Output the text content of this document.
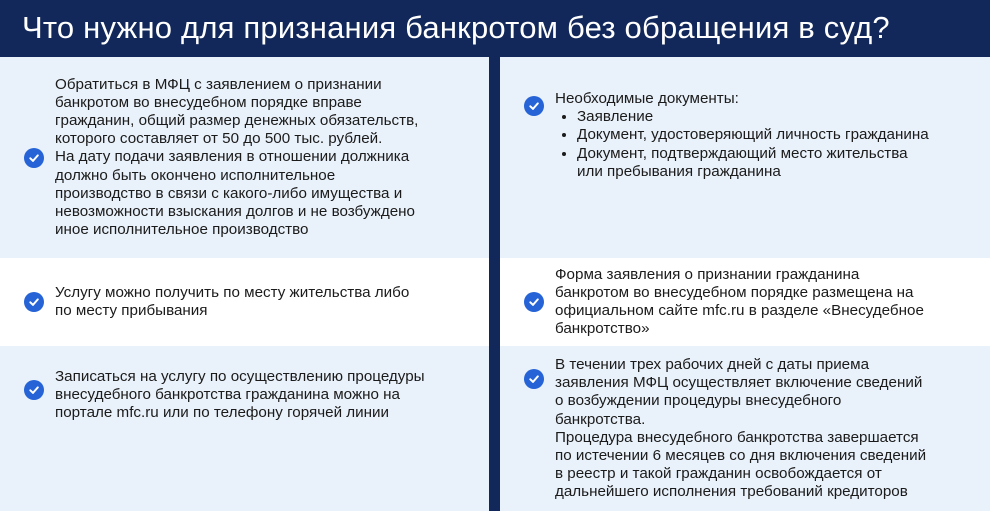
Что нужно для признания банкротом без обращения в суд?
Обратиться в МФЦ с заявлением о признании
банкротом во внесудебном порядке вправе
гражданин, общий размер денежных обязательств,
которого составляет от 50 до 500 тыс. рублей.
На дату подачи заявления в отношении должника
должно быть окончено исполнительное
производство в связи с какого-либо имущества и
невозможности взыскания долгов и не возбуждено
иное исполнительное производство
Услугу можно получить по месту жительства либо
по месту прибывания
Записаться на услугу по осуществлению процедуры
внесудебного банкротства гражданина можно на
портале mfc.ru или по телефону горячей линии
Необходимые документы:
• Заявление
• Документ, удостоверяющий личность гражданина
• Документ, подтверждающий место жительства
или пребывания гражданина
Форма заявления о признании гражданина
банкротом во внесудебном порядке размещена на
официальном сайте mfc.ru в разделе «Внесудебное
банкротство»
В течении трех рабочих дней с даты приема
заявления МФЦ осуществляет включение сведений
о возбуждении процедуры внесудебного
банкротства.
Процедура внесудебного банкротства завершается
по истечении 6 месяцев со дня включения сведений
в реестр и такой гражданин освобождается от
дальнейшего исполнения требований кредиторов
